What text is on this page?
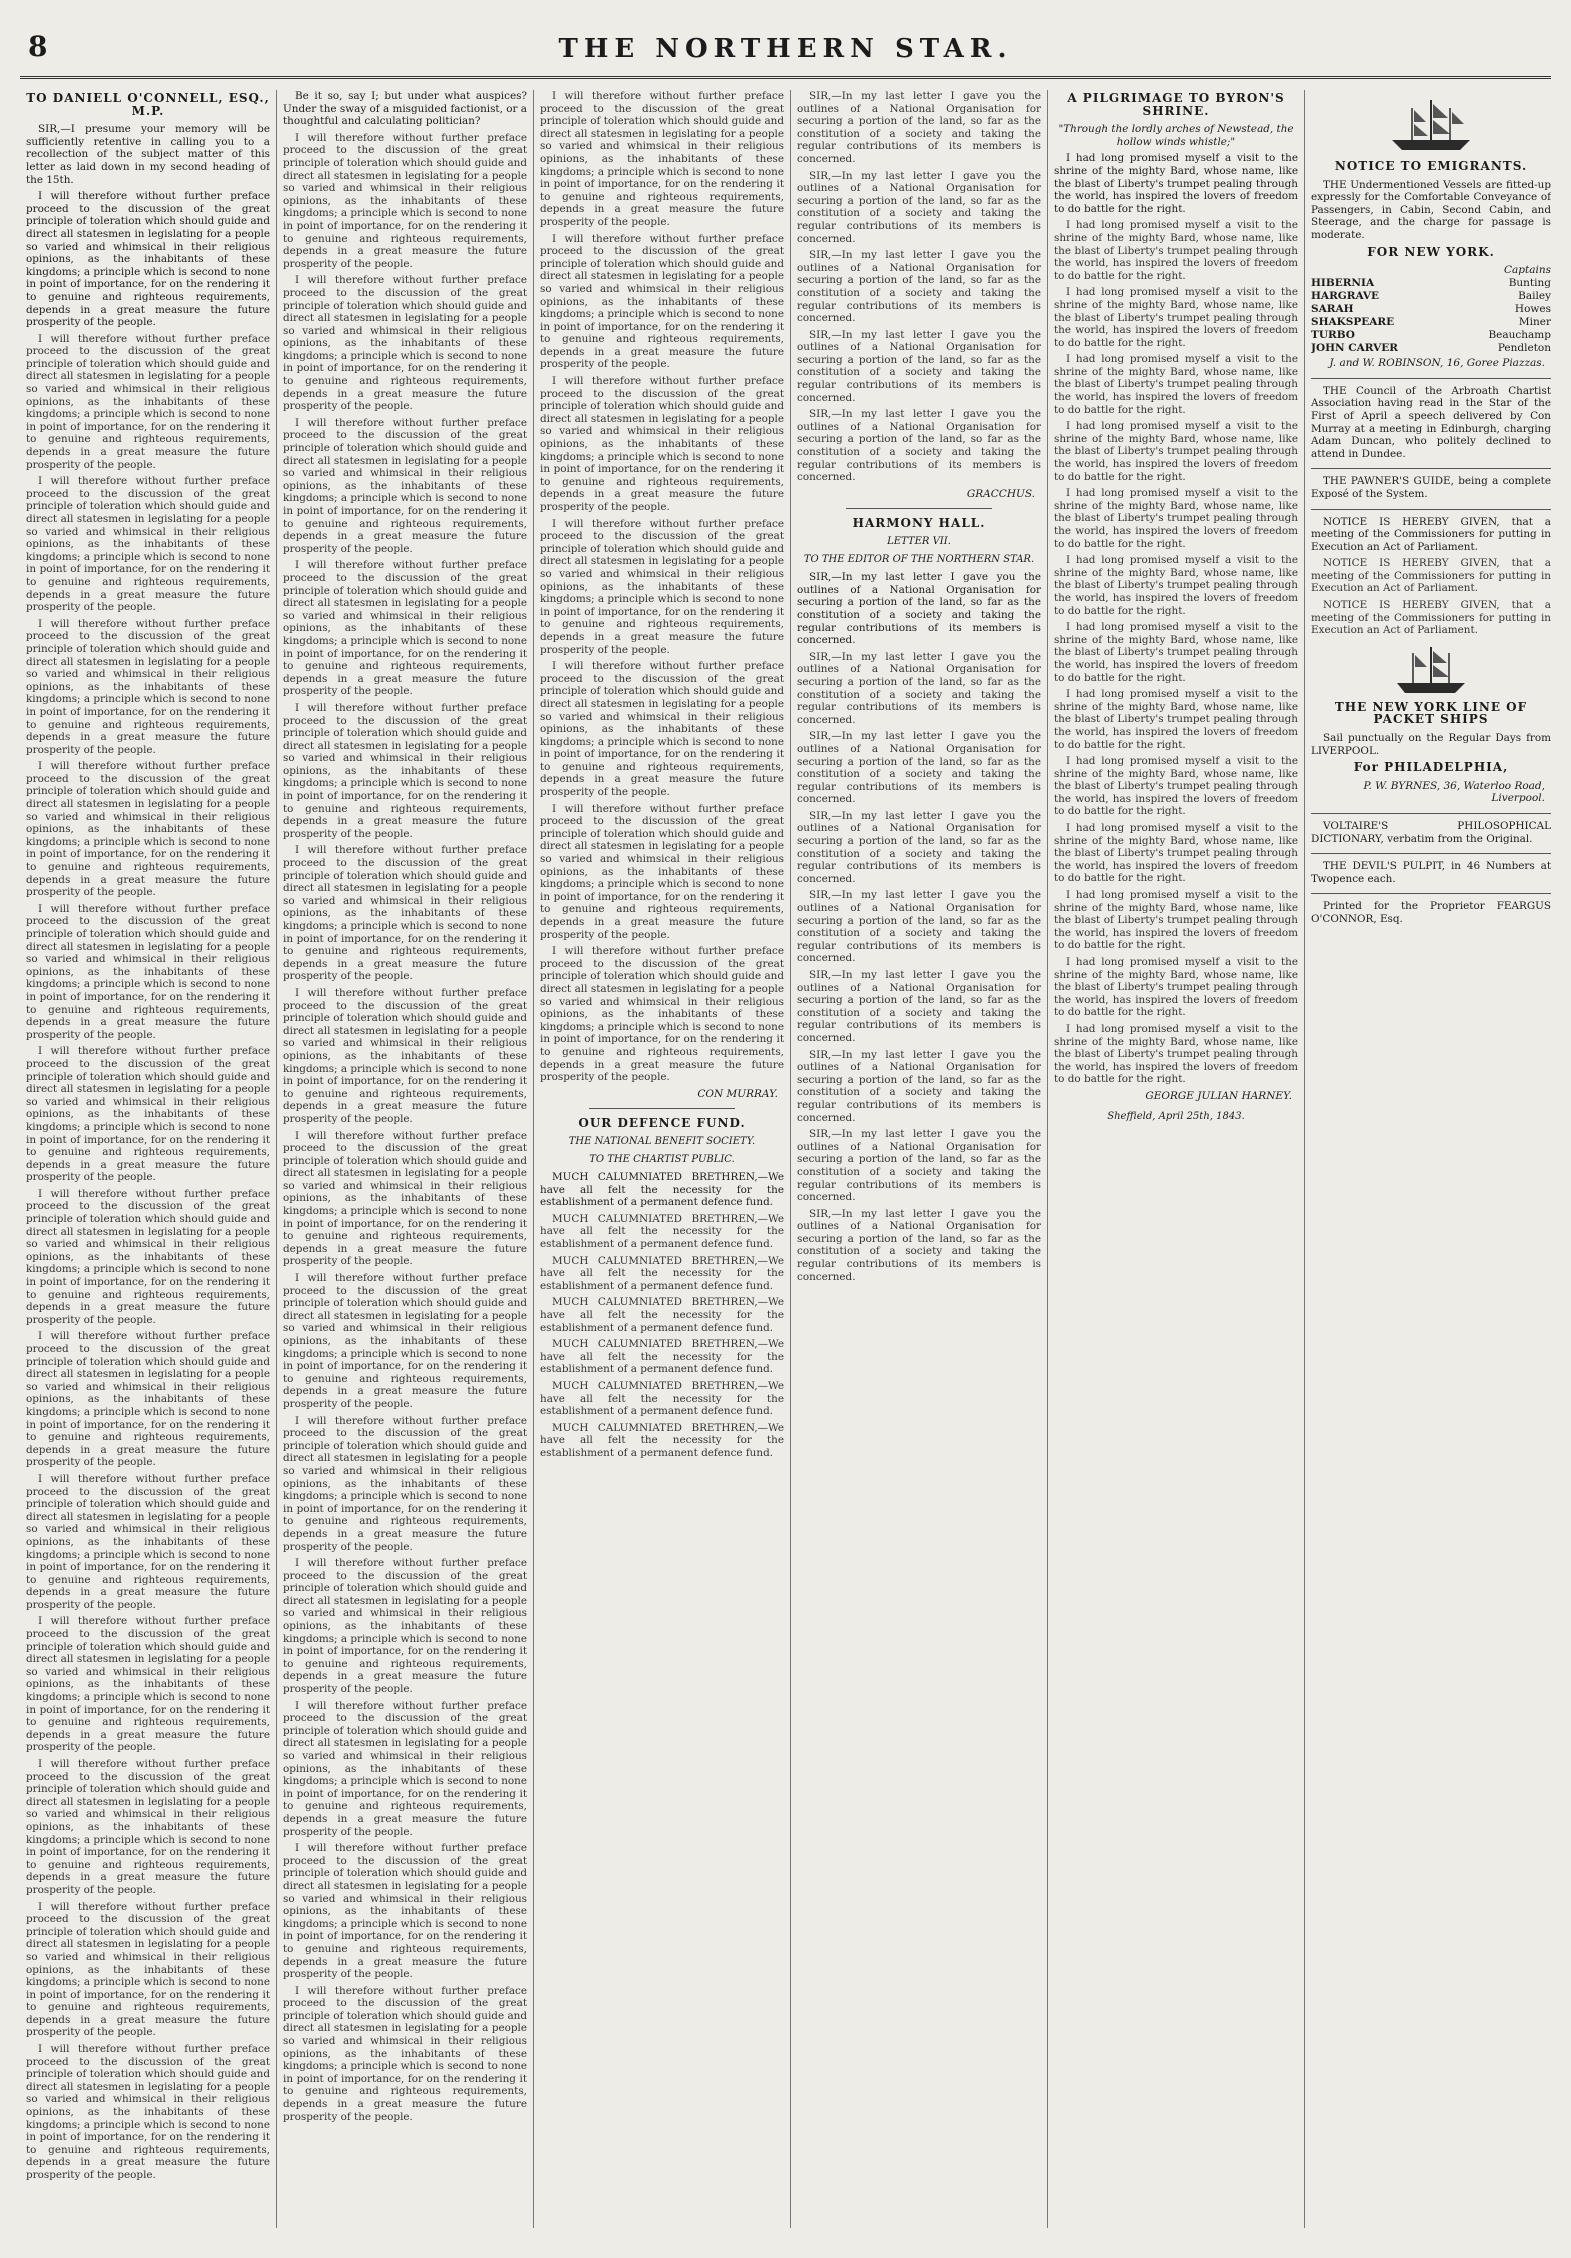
8	THE NORTHERN STAR.
TO DANIELL O'CONNELL, ESQ., M.P.

SIR,—I presume your memory will be sufficiently retentive in calling you to a recollection of the subject matter of this letter as laid down in my second heading of the 15th.

I will therefore without further preface proceed to the discussion of the great principle of toleration which should guide and direct all statesmen in legislating for a people so varied and whimsical in their religious opinions, as the inhabitants of these kingdoms; a principle which is second to none in point of importance, for on the rendering it to genuine and righteous requirements, depends in a great measure the future prosperity of the people.

I will therefore without further preface proceed to the discussion of the great principle of toleration which should guide and direct all statesmen in legislating for a people so varied and whimsical in their religious opinions, as the inhabitants of these kingdoms; a principle which is second to none in point of importance, for on the rendering it to genuine and righteous requirements, depends in a great measure the future prosperity of the people.

I will therefore without further preface proceed to the discussion of the great principle of toleration which should guide and direct all statesmen in legislating for a people so varied and whimsical in their religious opinions, as the inhabitants of these kingdoms; a principle which is second to none in point of importance, for on the rendering it to genuine and righteous requirements, depends in a great measure the future prosperity of the people.

I will therefore without further preface proceed to the discussion of the great principle of toleration which should guide and direct all statesmen in legislating for a people so varied and whimsical in their religious opinions, as the inhabitants of these kingdoms; a principle which is second to none in point of importance, for on the rendering it to genuine and righteous requirements, depends in a great measure the future prosperity of the people.

I will therefore without further preface proceed to the discussion of the great principle of toleration which should guide and direct all statesmen in legislating for a people so varied and whimsical in their religious opinions, as the inhabitants of these kingdoms; a principle which is second to none in point of importance, for on the rendering it to genuine and righteous requirements, depends in a great measure the future prosperity of the people.

I will therefore without further preface proceed to the discussion of the great principle of toleration which should guide and direct all statesmen in legislating for a people so varied and whimsical in their religious opinions, as the inhabitants of these kingdoms; a principle which is second to none in point of importance, for on the rendering it to genuine and righteous requirements, depends in a great measure the future prosperity of the people.

I will therefore without further preface proceed to the discussion of the great principle of toleration which should guide and direct all statesmen in legislating for a people so varied and whimsical in their religious opinions, as the inhabitants of these kingdoms; a principle which is second to none in point of importance, for on the rendering it to genuine and righteous requirements, depends in a great measure the future prosperity of the people.

I will therefore without further preface proceed to the discussion of the great principle of toleration which should guide and direct all statesmen in legislating for a people so varied and whimsical in their religious opinions, as the inhabitants of these kingdoms; a principle which is second to none in point of importance, for on the rendering it to genuine and righteous requirements, depends in a great measure the future prosperity of the people.

I will therefore without further preface proceed to the discussion of the great principle of toleration which should guide and direct all statesmen in legislating for a people so varied and whimsical in their religious opinions, as the inhabitants of these kingdoms; a principle which is second to none in point of importance, for on the rendering it to genuine and righteous requirements, depends in a great measure the future prosperity of the people.

I will therefore without further preface proceed to the discussion of the great principle of toleration which should guide and direct all statesmen in legislating for a people so varied and whimsical in their religious opinions, as the inhabitants of these kingdoms; a principle which is second to none in point of importance, for on the rendering it to genuine and righteous requirements, depends in a great measure the future prosperity of the people.

I will therefore without further preface proceed to the discussion of the great principle of toleration which should guide and direct all statesmen in legislating for a people so varied and whimsical in their religious opinions, as the inhabitants of these kingdoms; a principle which is second to none in point of importance, for on the rendering it to genuine and righteous requirements, depends in a great measure the future prosperity of the people.

I will therefore without further preface proceed to the discussion of the great principle of toleration which should guide and direct all statesmen in legislating for a people so varied and whimsical in their religious opinions, as the inhabitants of these kingdoms; a principle which is second to none in point of importance, for on the rendering it to genuine and righteous requirements, depends in a great measure the future prosperity of the people.

I will therefore without further preface proceed to the discussion of the great principle of toleration which should guide and direct all statesmen in legislating for a people so varied and whimsical in their religious opinions, as the inhabitants of these kingdoms; a principle which is second to none in point of importance, for on the rendering it to genuine and righteous requirements, depends in a great measure the future prosperity of the people.

I will therefore without further preface proceed to the discussion of the great principle of toleration which should guide and direct all statesmen in legislating for a people so varied and whimsical in their religious opinions, as the inhabitants of these kingdoms; a principle which is second to none in point of importance, for on the rendering it to genuine and righteous requirements, depends in a great measure the future prosperity of the people.

Be it so, say I; but under what auspices? Under the sway of a misguided factionist, or a thoughtful and calculating politician?

I will therefore without further preface proceed to the discussion of the great principle of toleration which should guide and direct all statesmen in legislating for a people so varied and whimsical in their religious opinions, as the inhabitants of these kingdoms; a principle which is second to none in point of importance, for on the rendering it to genuine and righteous requirements, depends in a great measure the future prosperity of the people.

I will therefore without further preface proceed to the discussion of the great principle of toleration which should guide and direct all statesmen in legislating for a people so varied and whimsical in their religious opinions, as the inhabitants of these kingdoms; a principle which is second to none in point of importance, for on the rendering it to genuine and righteous requirements, depends in a great measure the future prosperity of the people.

I will therefore without further preface proceed to the discussion of the great principle of toleration which should guide and direct all statesmen in legislating for a people so varied and whimsical in their religious opinions, as the inhabitants of these kingdoms; a principle which is second to none in point of importance, for on the rendering it to genuine and righteous requirements, depends in a great measure the future prosperity of the people.

I will therefore without further preface proceed to the discussion of the great principle of toleration which should guide and direct all statesmen in legislating for a people so varied and whimsical in their religious opinions, as the inhabitants of these kingdoms; a principle which is second to none in point of importance, for on the rendering it to genuine and righteous requirements, depends in a great measure the future prosperity of the people.

I will therefore without further preface proceed to the discussion of the great principle of toleration which should guide and direct all statesmen in legislating for a people so varied and whimsical in their religious opinions, as the inhabitants of these kingdoms; a principle which is second to none in point of importance, for on the rendering it to genuine and righteous requirements, depends in a great measure the future prosperity of the people.

I will therefore without further preface proceed to the discussion of the great principle of toleration which should guide and direct all statesmen in legislating for a people so varied and whimsical in their religious opinions, as the inhabitants of these kingdoms; a principle which is second to none in point of importance, for on the rendering it to genuine and righteous requirements, depends in a great measure the future prosperity of the people.

I will therefore without further preface proceed to the discussion of the great principle of toleration which should guide and direct all statesmen in legislating for a people so varied and whimsical in their religious opinions, as the inhabitants of these kingdoms; a principle which is second to none in point of importance, for on the rendering it to genuine and righteous requirements, depends in a great measure the future prosperity of the people.

I will therefore without further preface proceed to the discussion of the great principle of toleration which should guide and direct all statesmen in legislating for a people so varied and whimsical in their religious opinions, as the inhabitants of these kingdoms; a principle which is second to none in point of importance, for on the rendering it to genuine and righteous requirements, depends in a great measure the future prosperity of the people.

I will therefore without further preface proceed to the discussion of the great principle of toleration which should guide and direct all statesmen in legislating for a people so varied and whimsical in their religious opinions, as the inhabitants of these kingdoms; a principle which is second to none in point of importance, for on the rendering it to genuine and righteous requirements, depends in a great measure the future prosperity of the people.

I will therefore without further preface proceed to the discussion of the great principle of toleration which should guide and direct all statesmen in legislating for a people so varied and whimsical in their religious opinions, as the inhabitants of these kingdoms; a principle which is second to none in point of importance, for on the rendering it to genuine and righteous requirements, depends in a great measure the future prosperity of the people.

I will therefore without further preface proceed to the discussion of the great principle of toleration which should guide and direct all statesmen in legislating for a people so varied and whimsical in their religious opinions, as the inhabitants of these kingdoms; a principle which is second to none in point of importance, for on the rendering it to genuine and righteous requirements, depends in a great measure the future prosperity of the people.

I will therefore without further preface proceed to the discussion of the great principle of toleration which should guide and direct all statesmen in legislating for a people so varied and whimsical in their religious opinions, as the inhabitants of these kingdoms; a principle which is second to none in point of importance, for on the rendering it to genuine and righteous requirements, depends in a great measure the future prosperity of the people.

I will therefore without further preface proceed to the discussion of the great principle of toleration which should guide and direct all statesmen in legislating for a people so varied and whimsical in their religious opinions, as the inhabitants of these kingdoms; a principle which is second to none in point of importance, for on the rendering it to genuine and righteous requirements, depends in a great measure the future prosperity of the people.

I will therefore without further preface proceed to the discussion of the great principle of toleration which should guide and direct all statesmen in legislating for a people so varied and whimsical in their religious opinions, as the inhabitants of these kingdoms; a principle which is second to none in point of importance, for on the rendering it to genuine and righteous requirements, depends in a great measure the future prosperity of the people.

I will therefore without further preface proceed to the discussion of the great principle of toleration which should guide and direct all statesmen in legislating for a people so varied and whimsical in their religious opinions, as the inhabitants of these kingdoms; a principle which is second to none in point of importance, for on the rendering it to genuine and righteous requirements, depends in a great measure the future prosperity of the people.

I will therefore without further preface proceed to the discussion of the great principle of toleration which should guide and direct all statesmen in legislating for a people so varied and whimsical in their religious opinions, as the inhabitants of these kingdoms; a principle which is second to none in point of importance, for on the rendering it to genuine and righteous requirements, depends in a great measure the future prosperity of the people.

I will therefore without further preface proceed to the discussion of the great principle of toleration which should guide and direct all statesmen in legislating for a people so varied and whimsical in their religious opinions, as the inhabitants of these kingdoms; a principle which is second to none in point of importance, for on the rendering it to genuine and righteous requirements, depends in a great measure the future prosperity of the people.

I will therefore without further preface proceed to the discussion of the great principle of toleration which should guide and direct all statesmen in legislating for a people so varied and whimsical in their religious opinions, as the inhabitants of these kingdoms; a principle which is second to none in point of importance, for on the rendering it to genuine and righteous requirements, depends in a great measure the future prosperity of the people.

I will therefore without further preface proceed to the discussion of the great principle of toleration which should guide and direct all statesmen in legislating for a people so varied and whimsical in their religious opinions, as the inhabitants of these kingdoms; a principle which is second to none in point of importance, for on the rendering it to genuine and righteous requirements, depends in a great measure the future prosperity of the people.

I will therefore without further preface proceed to the discussion of the great principle of toleration which should guide and direct all statesmen in legislating for a people so varied and whimsical in their religious opinions, as the inhabitants of these kingdoms; a principle which is second to none in point of importance, for on the rendering it to genuine and righteous requirements, depends in a great measure the future prosperity of the people.

I will therefore without further preface proceed to the discussion of the great principle of toleration which should guide and direct all statesmen in legislating for a people so varied and whimsical in their religious opinions, as the inhabitants of these kingdoms; a principle which is second to none in point of importance, for on the rendering it to genuine and righteous requirements, depends in a great measure the future prosperity of the people.

CON MURRAY.
OUR DEFENCE FUND.
THE NATIONAL BENEFIT SOCIETY.
TO THE CHARTIST PUBLIC.

MUCH CALUMNIATED BRETHREN,—We have all felt the necessity for the establishment of a permanent defence fund.

MUCH CALUMNIATED BRETHREN,—We have all felt the necessity for the establishment of a permanent defence fund.

MUCH CALUMNIATED BRETHREN,—We have all felt the necessity for the establishment of a permanent defence fund.

MUCH CALUMNIATED BRETHREN,—We have all felt the necessity for the establishment of a permanent defence fund.

MUCH CALUMNIATED BRETHREN,—We have all felt the necessity for the establishment of a permanent defence fund.

MUCH CALUMNIATED BRETHREN,—We have all felt the necessity for the establishment of a permanent defence fund.

MUCH CALUMNIATED BRETHREN,—We have all felt the necessity for the establishment of a permanent defence fund.

SIR,—In my last letter I gave you the outlines of a National Organisation for securing a portion of the land, so far as the constitution of a society and taking the regular contributions of its members is concerned.

SIR,—In my last letter I gave you the outlines of a National Organisation for securing a portion of the land, so far as the constitution of a society and taking the regular contributions of its members is concerned.

SIR,—In my last letter I gave you the outlines of a National Organisation for securing a portion of the land, so far as the constitution of a society and taking the regular contributions of its members is concerned.

SIR,—In my last letter I gave you the outlines of a National Organisation for securing a portion of the land, so far as the constitution of a society and taking the regular contributions of its members is concerned.

SIR,—In my last letter I gave you the outlines of a National Organisation for securing a portion of the land, so far as the constitution of a society and taking the regular contributions of its members is concerned.

GRACCHUS.
HARMONY HALL.
LETTER VII.
TO THE EDITOR OF THE NORTHERN STAR.

SIR,—In my last letter I gave you the outlines of a National Organisation for securing a portion of the land, so far as the constitution of a society and taking the regular contributions of its members is concerned.

SIR,—In my last letter I gave you the outlines of a National Organisation for securing a portion of the land, so far as the constitution of a society and taking the regular contributions of its members is concerned.

SIR,—In my last letter I gave you the outlines of a National Organisation for securing a portion of the land, so far as the constitution of a society and taking the regular contributions of its members is concerned.

SIR,—In my last letter I gave you the outlines of a National Organisation for securing a portion of the land, so far as the constitution of a society and taking the regular contributions of its members is concerned.

SIR,—In my last letter I gave you the outlines of a National Organisation for securing a portion of the land, so far as the constitution of a society and taking the regular contributions of its members is concerned.

SIR,—In my last letter I gave you the outlines of a National Organisation for securing a portion of the land, so far as the constitution of a society and taking the regular contributions of its members is concerned.

SIR,—In my last letter I gave you the outlines of a National Organisation for securing a portion of the land, so far as the constitution of a society and taking the regular contributions of its members is concerned.

SIR,—In my last letter I gave you the outlines of a National Organisation for securing a portion of the land, so far as the constitution of a society and taking the regular contributions of its members is concerned.

SIR,—In my last letter I gave you the outlines of a National Organisation for securing a portion of the land, so far as the constitution of a society and taking the regular contributions of its members is concerned.

A PILGRIMAGE TO BYRON'S SHRINE.
"Through the lordly arches of Newstead, the hollow winds whistle;"

I had long promised myself a visit to the shrine of the mighty Bard, whose name, like the blast of Liberty's trumpet pealing through the world, has inspired the lovers of freedom to do battle for the right.

I had long promised myself a visit to the shrine of the mighty Bard, whose name, like the blast of Liberty's trumpet pealing through the world, has inspired the lovers of freedom to do battle for the right.

I had long promised myself a visit to the shrine of the mighty Bard, whose name, like the blast of Liberty's trumpet pealing through the world, has inspired the lovers of freedom to do battle for the right.

I had long promised myself a visit to the shrine of the mighty Bard, whose name, like the blast of Liberty's trumpet pealing through the world, has inspired the lovers of freedom to do battle for the right.

I had long promised myself a visit to the shrine of the mighty Bard, whose name, like the blast of Liberty's trumpet pealing through the world, has inspired the lovers of freedom to do battle for the right.

I had long promised myself a visit to the shrine of the mighty Bard, whose name, like the blast of Liberty's trumpet pealing through the world, has inspired the lovers of freedom to do battle for the right.

I had long promised myself a visit to the shrine of the mighty Bard, whose name, like the blast of Liberty's trumpet pealing through the world, has inspired the lovers of freedom to do battle for the right.

I had long promised myself a visit to the shrine of the mighty Bard, whose name, like the blast of Liberty's trumpet pealing through the world, has inspired the lovers of freedom to do battle for the right.

I had long promised myself a visit to the shrine of the mighty Bard, whose name, like the blast of Liberty's trumpet pealing through the world, has inspired the lovers of freedom to do battle for the right.

I had long promised myself a visit to the shrine of the mighty Bard, whose name, like the blast of Liberty's trumpet pealing through the world, has inspired the lovers of freedom to do battle for the right.

I had long promised myself a visit to the shrine of the mighty Bard, whose name, like the blast of Liberty's trumpet pealing through the world, has inspired the lovers of freedom to do battle for the right.

I had long promised myself a visit to the shrine of the mighty Bard, whose name, like the blast of Liberty's trumpet pealing through the world, has inspired the lovers of freedom to do battle for the right.

I had long promised myself a visit to the shrine of the mighty Bard, whose name, like the blast of Liberty's trumpet pealing through the world, has inspired the lovers of freedom to do battle for the right.

I had long promised myself a visit to the shrine of the mighty Bard, whose name, like the blast of Liberty's trumpet pealing through the world, has inspired the lovers of freedom to do battle for the right.

GEORGE JULIAN HARNEY.
Sheffield, April 25th, 1843.
NOTICE TO EMIGRANTS.

THE Undermentioned Vessels are fitted-up expressly for the Comfortable Conveyance of Passengers, in Cabin, Second Cabin, and Steerage, and the charge for passage is moderate.

FOR NEW YORK.
Captains
HIBERNIA	Bunting
HARGRAVE	Bailey
SARAH	Howes
SHAKSPEARE	Miner
TURBO	Beauchamp
JOHN CARVER	Pendleton
J. and W. ROBINSON, 16, Goree Piazzas.

THE Council of the Arbroath Chartist Association having read in the Star of the First of April a speech delivered by Con Murray at a meeting in Edinburgh, charging Adam Duncan, who politely declined to attend in Dundee.

THE PAWNER'S GUIDE, being a complete Exposé of the System.

NOTICE IS HEREBY GIVEN, that a meeting of the Commissioners for putting in Execution an Act of Parliament.

NOTICE IS HEREBY GIVEN, that a meeting of the Commissioners for putting in Execution an Act of Parliament.

NOTICE IS HEREBY GIVEN, that a meeting of the Commissioners for putting in Execution an Act of Parliament.

THE NEW YORK LINE OF PACKET SHIPS

Sail punctually on the Regular Days from LIVERPOOL.

For PHILADELPHIA,
P. W. BYRNES, 36, Waterloo Road, Liverpool.

VOLTAIRE'S PHILOSOPHICAL DICTIONARY, verbatim from the Original.

THE DEVIL'S PULPIT, in 46 Numbers at Twopence each.

Printed for the Proprietor FEARGUS O'CONNOR, Esq.
